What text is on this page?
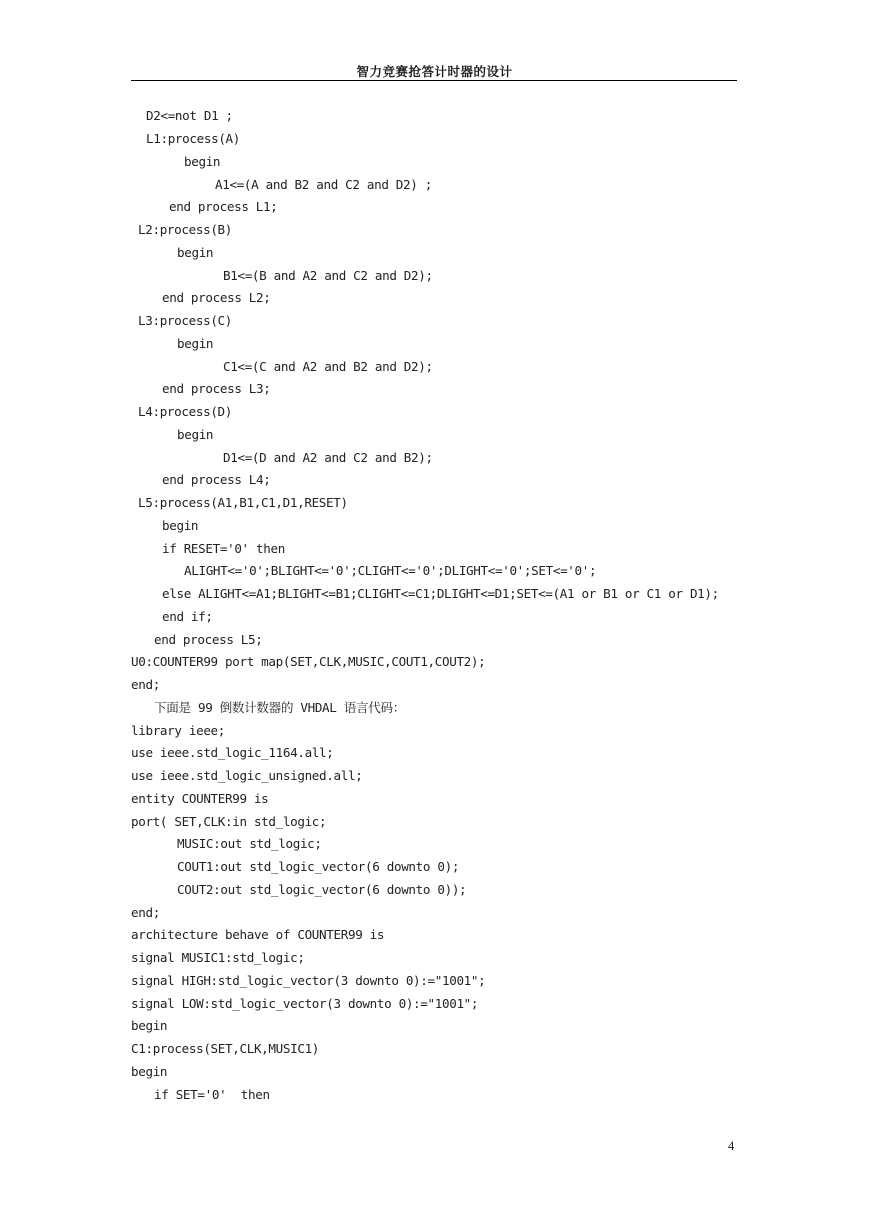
智力竞赛抢答计时器的设计
D2<=not D1 ;
L1:process(A)
begin
A1<=(A and B2 and C2 and D2) ;
end process L1;
L2:process(B)
begin
B1<=(B and A2 and C2 and D2);
end process L2;
L3:process(C)
begin
C1<=(C and A2 and B2 and D2);
end process L3;
L4:process(D)
begin
D1<=(D and A2 and C2 and B2);
end process L4;
L5:process(A1,B1,C1,D1,RESET)
begin
if RESET='0' then
ALIGHT<='0';BLIGHT<='0';CLIGHT<='0';DLIGHT<='0';SET<='0';
else ALIGHT<=A1;BLIGHT<=B1;CLIGHT<=C1;DLIGHT<=D1;SET<=(A1 or B1 or C1 or D1);
end if;
end process L5;
U0:COUNTER99 port map(SET,CLK,MUSIC,COUT1,COUT2);
end;
下面是 99 倒数计数器的 VHDAL 语言代码：
library ieee;
use ieee.std_logic_1164.all;
use ieee.std_logic_unsigned.all;
entity COUNTER99 is
port( SET,CLK:in std_logic;
MUSIC:out std_logic;
COUT1:out std_logic_vector(6 downto 0);
COUT2:out std_logic_vector(6 downto 0));
end;
architecture behave of COUNTER99 is
signal MUSIC1:std_logic;
signal HIGH:std_logic_vector(3 downto 0):="1001";
signal LOW:std_logic_vector(3 downto 0):="1001";
begin
C1:process(SET,CLK,MUSIC1)
begin
if SET='0'  then
4
